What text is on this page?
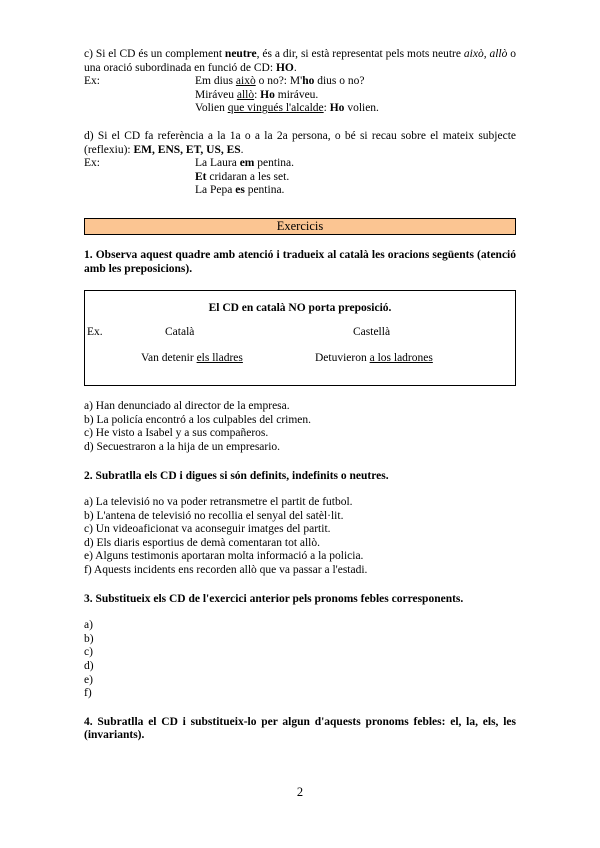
c) Si el CD és un complement neutre, és a dir, si està representat pels mots neutre això, allò o una oració subordinada en funció de CD: HO.

Ex:	Em dius això o no?: M'ho dius o no?

Miráveu allò: Ho miráveu.

Volien que vingués l'alcalde: Ho volien.

d) Si el CD fa referència a la 1a o a la 2a persona, o bé si recau sobre el mateix subjecte (reflexiu): EM, ENS, ET, US, ES.

Ex:	La Laura em pentina.

Et cridaran a les set.

La Pepa es pentina.

Exercicis

1. Observa aquest quadre amb atenció i tradueix al català les oracions següents (atenció amb les preposicions).

El CD en català NO porta preposició.
Ex.	Català	Castellà
Van detenir els lladres	Detuvieron a los ladrones

a) Han denunciado al director de la empresa.

b) La policía encontró a los culpables del crimen.

c) He visto a Isabel y a sus compañeros.

d) Secuestraron a la hija de un empresario.

2. Subratlla els CD i digues si són definits, indefinits o neutres.

a) La televisió no va poder retransmetre el partit de futbol.

b) L'antena de televisió no recollia el senyal del satèl·lit.

c) Un videoaficionat va aconseguir imatges del partit.

d) Els diaris esportius de demà comentaran tot allò.

e) Alguns testimonis aportaran molta informació a la policia.

f) Aquests incidents ens recorden allò que va passar a l'estadi.

3. Substitueix els CD de l'exercici anterior pels pronoms febles corresponents.

a)

b)

c)

d)

e)

f)

4. Subratlla el CD i substitueix-lo per algun d'aquests pronoms febles: el, la, els, les (invariants).

2
